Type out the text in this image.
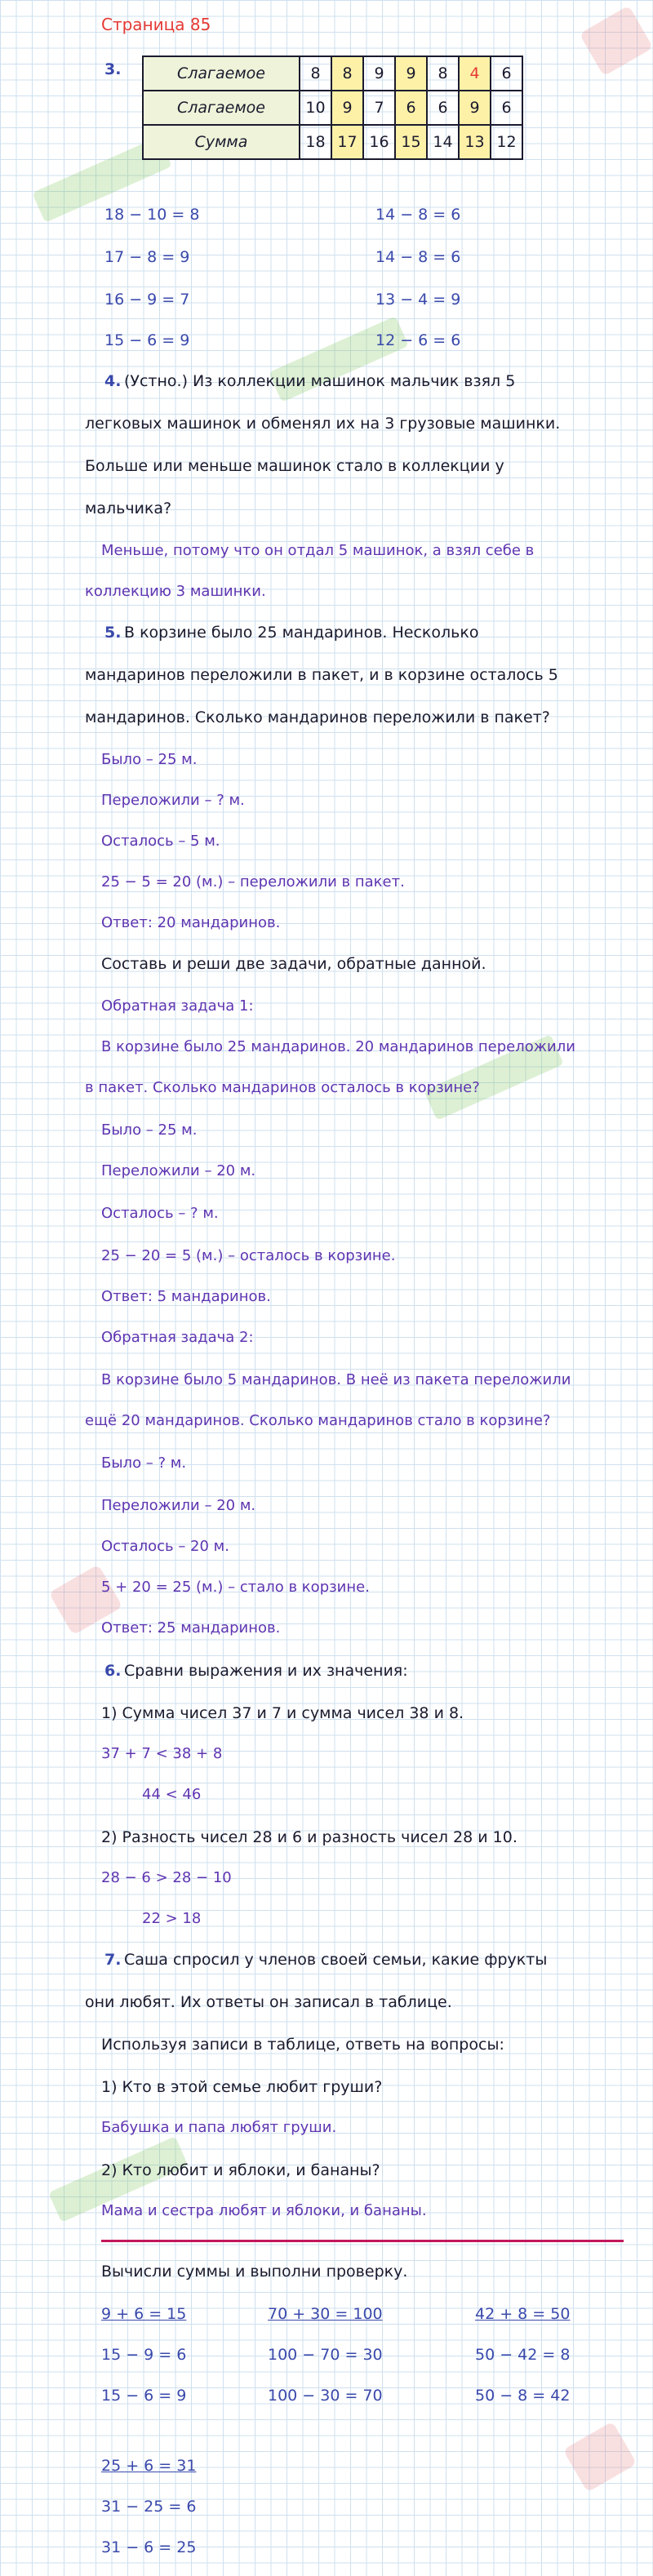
Страница 85
3.	Слагаемое	8	8	9	9	8	4	6
Слагаемое	10	9	7	6	6	9	6
Сумма	18	17	16	15	14	13	12
18 − 10 = 8
17 − 8 = 9
16 − 9 = 7
15 − 6 = 9
14 − 8 = 6
14 − 8 = 6
13 − 4 = 9
12 − 6 = 6
4. (Устно.) Из коллекции машинок мальчик взял 5
легковых машинок и обменял их на 3 грузовые машинки.
Больше или меньше машинок стало в коллекции у
мальчика?
Меньше, потому что он отдал 5 машинок, а взял себе в
коллекцию 3 машинки.
5. В корзине было 25 мандаринов. Несколько
мандаринов переложили в пакет, и в корзине осталось 5
мандаринов. Сколько мандаринов переложили в пакет?
Было – 25 м.
Переложили – ? м.
Осталось – 5 м.
25 − 5 = 20 (м.) – переложили в пакет.
Ответ: 20 мандаринов.
Составь и реши две задачи, обратные данной.
Обратная задача 1:
В корзине было 25 мандаринов. 20 мандаринов переложили
в пакет. Сколько мандаринов осталось в корзине?
Было – 25 м.
Переложили – 20 м.
Осталось – ? м.
25 − 20 = 5 (м.) – осталось в корзине.
Ответ: 5 мандаринов.
Обратная задача 2:
В корзине было 5 мандаринов. В неё из пакета переложили
ещё 20 мандаринов. Сколько мандаринов стало в корзине?
Было – ? м.
Переложили – 20 м.
Осталось – 20 м.
5 + 20 = 25 (м.) – стало в корзине.
Ответ: 25 мандаринов.
6. Сравни выражения и их значения:
1) Сумма чисел 37 и 7 и сумма чисел 38 и 8.
37 + 7 < 38 + 8
44 < 46
2) Разность чисел 28 и 6 и разность чисел 28 и 10.
28 − 6 > 28 − 10
22 > 18
7. Саша спросил у членов своей семьи, какие фрукты
они любят. Их ответы он записал в таблице.
Используя записи в таблице, ответь на вопросы:
1) Кто в этой семье любит груши?
Бабушка и папа любят груши.
2) Кто любит и яблоки, и бананы?
Мама и сестра любят и яблоки, и бананы.
Вычисли суммы и выполни проверку.
9 + 6 = 15
15 − 9 = 6
15 − 6 = 9
70 + 30 = 100
100 − 70 = 30
100 − 30 = 70
42 + 8 = 50
50 − 42 = 8
50 − 8 = 42
25 + 6 = 31
31 − 25 = 6
31 − 6 = 25
